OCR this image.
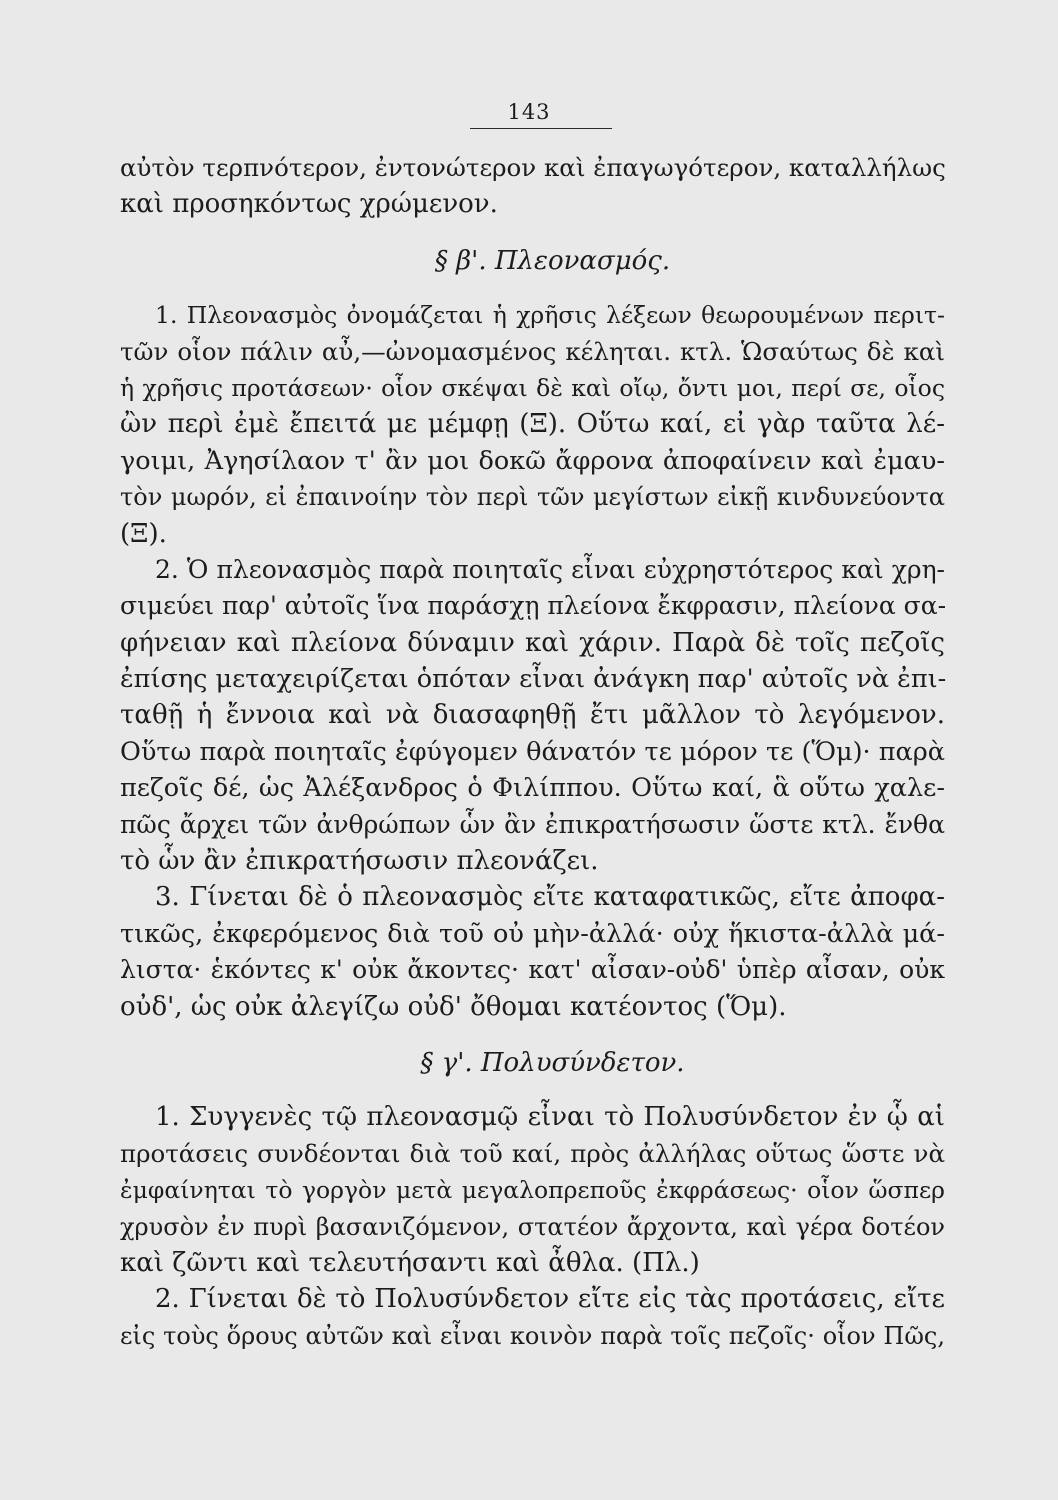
143
αὐτὸν τερπνότερον, ἐντονώτερον καὶ ἐπαγωγότερον, καταλλήλως
καὶ προσηκόντως χρώμενον.
§ β'. Πλεονασμός.
1. Πλεονασμὸς ὀνομάζεται ἡ χρῆσις λέξεων θεωρουμένων περιτ-
τῶν οἷον πάλιν αὖ,—ὠνομασμένος κέληται. κτλ. Ὡσαύτως δὲ καὶ
ἡ χρῆσις προτάσεων· οἷον σκέψαι δὲ καὶ οἴῳ, ὄντι μοι, περί σε, οἷος
ὢν περὶ ἐμὲ ἔπειτά με μέμφῃ (Ξ). Οὕτω καί, εἰ γὰρ ταῦτα λέ-
γοιμι, Ἀγησίλαον τ' ἂν μοι δοκῶ ἄφρονα ἀποφαίνειν καὶ ἐμαυ-
τὸν μωρόν, εἰ ἐπαινοίην τὸν περὶ τῶν μεγίστων εἰκῇ κινδυνεύοντα
(Ξ).
2. Ὁ πλεονασμὸς παρὰ ποιηταῖς εἶναι εὐχρηστότερος καὶ χρη-
σιμεύει παρ' αὐτοῖς ἵνα παράσχῃ πλείονα ἔκφρασιν, πλείονα σα-
φήνειαν καὶ πλείονα δύναμιν καὶ χάριν. Παρὰ δὲ τοῖς πεζοῖς
ἐπίσης μεταχειρίζεται ὁπόταν εἶναι ἀνάγκη παρ' αὐτοῖς νὰ ἐπι-
ταθῇ ἡ ἔννοια καὶ νὰ διασαφηθῇ ἔτι μᾶλλον τὸ λεγόμενον.
Οὕτω παρὰ ποιηταῖς ἐφύγομεν θάνατόν τε μόρον τε (Ὅμ)· παρὰ
πεζοῖς δέ, ὡς Ἀλέξανδρος ὁ Φιλίππου. Οὕτω καί, ἃ οὕτω χαλε-
πῶς ἄρχει τῶν ἀνθρώπων ὧν ἂν ἐπικρατήσωσιν ὥστε κτλ. ἔνθα
τὸ ὧν ἂν ἐπικρατήσωσιν πλεονάζει.
3. Γίνεται δὲ ὁ πλεονασμὸς εἴτε καταφατικῶς, εἴτε ἀποφα-
τικῶς, ἐκφερόμενος διὰ τοῦ οὐ μὴν-ἀλλά· οὐχ ἥκιστα-ἀλλὰ μά-
λιστα· ἑκόντες κ' οὐκ ἄκοντες· κατ' αἶσαν-οὐδ' ὑπὲρ αἶσαν, οὐκ
οὐδ', ὡς οὐκ ἀλεγίζω οὐδ' ὄθομαι κατέοντος (Ὅμ).
§ γ'. Πολυσύνδετον.
1. Συγγενὲς τῷ πλεονασμῷ εἶναι τὸ Πολυσύνδετον ἐν ᾧ αἱ
προτάσεις συνδέονται διὰ τοῦ καί, πρὸς ἀλλήλας οὕτως ὥστε νὰ
ἐμφαίνηται τὸ γοργὸν μετὰ μεγαλοπρεποῦς ἐκφράσεως· οἷον ὥσπερ
χρυσὸν ἐν πυρὶ βασανιζόμενον, στατέον ἄρχοντα, καὶ γέρα δοτέον
καὶ ζῶντι καὶ τελευτήσαντι καὶ ἆθλα. (Πλ.)
2. Γίνεται δὲ τὸ Πολυσύνδετον εἴτε εἰς τὰς προτάσεις, εἴτε
εἰς τοὺς ὅρους αὐτῶν καὶ εἶναι κοινὸν παρὰ τοῖς πεζοῖς· οἷον Πῶς,
